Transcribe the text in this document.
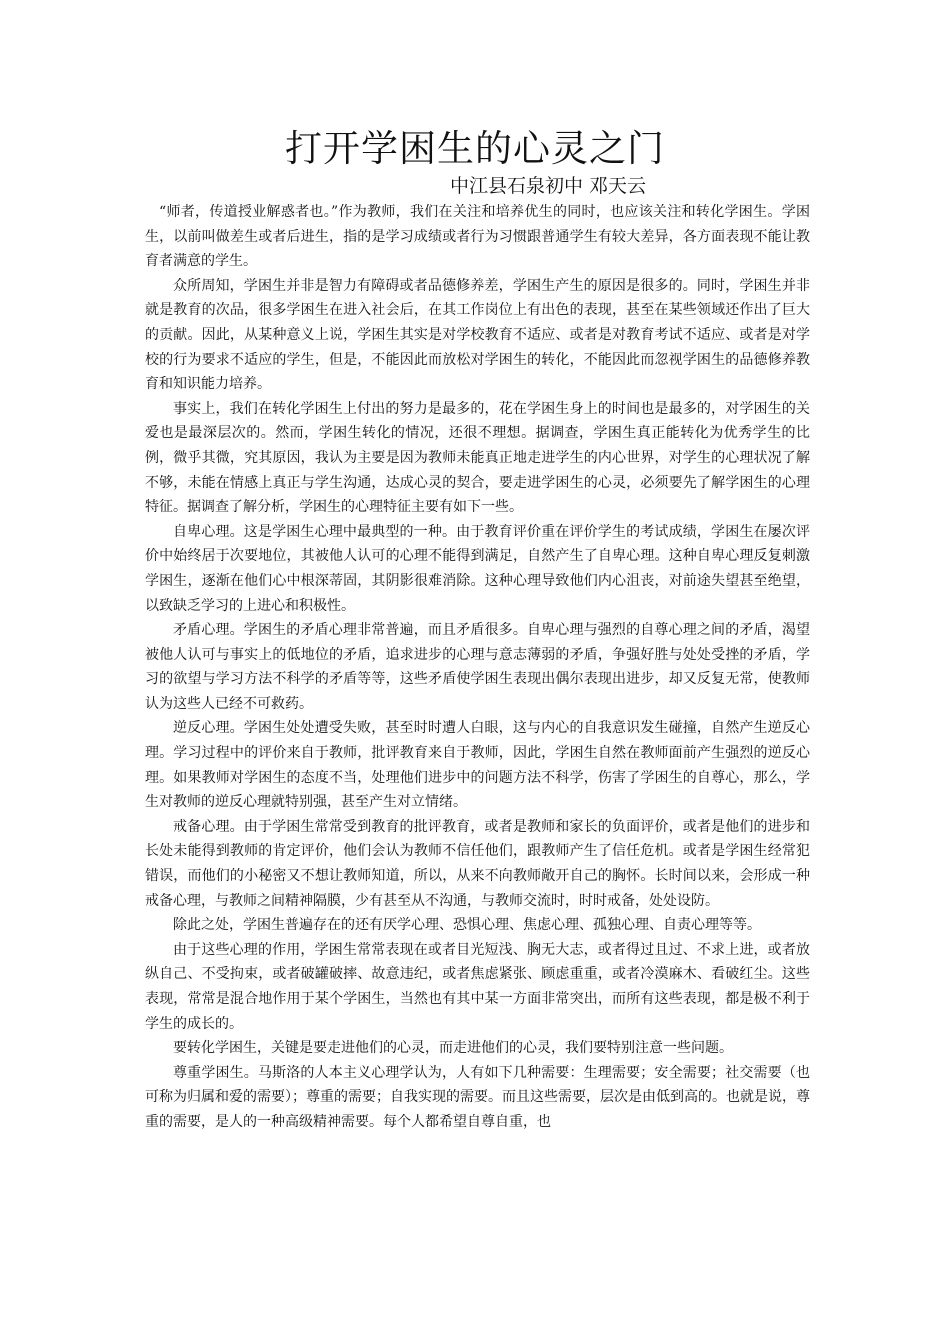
打开学困生的心灵之门
中江县石泉初中 邓天云

“师者，传道授业解惑者也。”作为教师，我们在关注和培养优生的同时，也应该关注和转化学困生。学困生，以前叫做差生或者后进生，指的是学习成绩或者行为习惯跟普通学生有较大差异，各方面表现不能让教育者满意的学生。

众所周知，学困生并非是智力有障碍或者品德修养差，学困生产生的原因是很多的。同时，学困生并非就是教育的次品，很多学困生在进入社会后，在其工作岗位上有出色的表现，甚至在某些领域还作出了巨大的贡献。因此，从某种意义上说，学困生其实是对学校教育不适应、或者是对教育考试不适应、或者是对学校的行为要求不适应的学生，但是，不能因此而放松对学困生的转化，不能因此而忽视学困生的品德修养教育和知识能力培养。

事实上，我们在转化学困生上付出的努力是最多的，花在学困生身上的时间也是最多的，对学困生的关爱也是最深层次的。然而，学困生转化的情况，还很不理想。据调查，学困生真正能转化为优秀学生的比例，微乎其微，究其原因，我认为主要是因为教师未能真正地走进学生的内心世界，对学生的心理状况了解不够，未能在情感上真正与学生沟通，达成心灵的契合，要走进学困生的心灵，必须要先了解学困生的心理特征。据调查了解分析，学困生的心理特征主要有如下一些。

自卑心理。这是学困生心理中最典型的一种。由于教育评价重在评价学生的考试成绩，学困生在屡次评价中始终居于次要地位，其被他人认可的心理不能得到满足，自然产生了自卑心理。这种自卑心理反复刺激学困生，逐渐在他们心中根深蒂固，其阴影很难消除。这种心理导致他们内心沮丧，对前途失望甚至绝望，以致缺乏学习的上进心和积极性。

矛盾心理。学困生的矛盾心理非常普遍，而且矛盾很多。自卑心理与强烈的自尊心理之间的矛盾，渴望被他人认可与事实上的低地位的矛盾，追求进步的心理与意志薄弱的矛盾，争强好胜与处处受挫的矛盾，学习的欲望与学习方法不科学的矛盾等等，这些矛盾使学困生表现出偶尔表现出进步，却又反复无常，使教师认为这些人已经不可救药。

逆反心理。学困生处处遭受失败，甚至时时遭人白眼，这与内心的自我意识发生碰撞，自然产生逆反心理。学习过程中的评价来自于教师，批评教育来自于教师，因此，学困生自然在教师面前产生强烈的逆反心理。如果教师对学困生的态度不当，处理他们进步中的问题方法不科学，伤害了学困生的自尊心，那么，学生对教师的逆反心理就特别强，甚至产生对立情绪。

戒备心理。由于学困生常常受到教育的批评教育，或者是教师和家长的负面评价，或者是他们的进步和长处未能得到教师的肯定评价，他们会认为教师不信任他们，跟教师产生了信任危机。或者是学困生经常犯错误，而他们的小秘密又不想让教师知道，所以，从来不向教师敞开自己的胸怀。长时间以来，会形成一种戒备心理，与教师之间精神隔膜，少有甚至从不沟通，与教师交流时，时时戒备，处处设防。

除此之处，学困生普遍存在的还有厌学心理、恐惧心理、焦虑心理、孤独心理、自责心理等等。

由于这些心理的作用，学困生常常表现在或者目光短浅、胸无大志，或者得过且过、不求上进，或者放纵自己、不受拘束，或者破罐破摔、故意违纪，或者焦虑紧张、顾虑重重，或者冷漠麻木、看破红尘。这些表现，常常是混合地作用于某个学困生，当然也有其中某一方面非常突出，而所有这些表现，都是极不利于学生的成长的。

要转化学困生，关键是要走进他们的心灵，而走进他们的心灵，我们要特别注意一些问题。

尊重学困生。马斯洛的人本主义心理学认为，人有如下几种需要：生理需要；安全需要；社交需要（也可称为归属和爱的需要）；尊重的需要；自我实现的需要。而且这些需要，层次是由低到高的。也就是说，尊重的需要，是人的一种高级精神需要。每个人都希望自尊自重，也
